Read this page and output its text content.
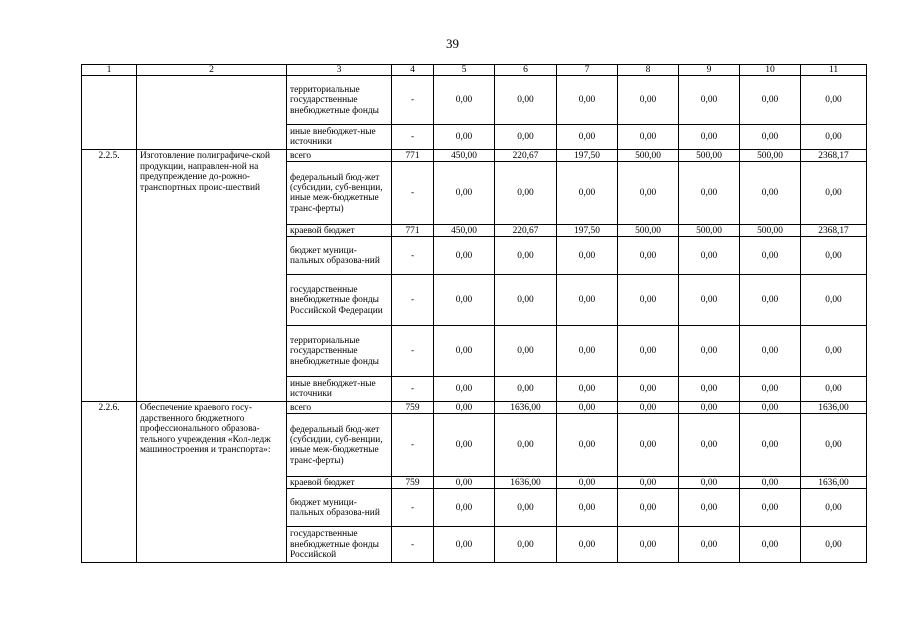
39
1	2	3	4	5	6	7	8	9	10	11
		территориальные государственные внебюджетные фонды	-	0,00	0,00	0,00	0,00	0,00	0,00	0,00
		иные внебюджет-ные источники	-	0,00	0,00	0,00	0,00	0,00	0,00	0,00
2.2.5.	Изготовление полиграфиче-ской продукции, направлен-ной на предупреждение до-рожно-транспортных проис-шествий	всего	771	450,00	220,67	197,50	500,00	500,00	500,00	2368,17
		федеральный бюд-жет (субсидии, суб-венции, иные меж-бюджетные транс-ферты)	-	0,00	0,00	0,00	0,00	0,00	0,00	0,00
		краевой бюджет	771	450,00	220,67	197,50	500,00	500,00	500,00	2368,17
		бюджет муници-пальных образова-ний	-	0,00	0,00	0,00	0,00	0,00	0,00	0,00
		государственные внебюджетные фонды Российской Федерации	-	0,00	0,00	0,00	0,00	0,00	0,00	0,00
		территориальные государственные внебюджетные фонды	-	0,00	0,00	0,00	0,00	0,00	0,00	0,00
		иные внебюджет-ные источники	-	0,00	0,00	0,00	0,00	0,00	0,00	0,00
2.2.6.	Обеспечение краевого госу-дарственного бюджетного профессионального образова-тельного учреждения «Кол-ледж машиностроения и транспорта»:	всего	759	0,00	1636,00	0,00	0,00	0,00	0,00	1636,00
		федеральный бюд-жет (субсидии, суб-венции, иные меж-бюджетные транс-ферты)	-	0,00	0,00	0,00	0,00	0,00	0,00	0,00
		краевой бюджет	759	0,00	1636,00	0,00	0,00	0,00	0,00	1636,00
		бюджет муници-пальных образова-ний	-	0,00	0,00	0,00	0,00	0,00	0,00	0,00
		государственные внебюджетные фонды Российской	-	0,00	0,00	0,00	0,00	0,00	0,00	0,00
